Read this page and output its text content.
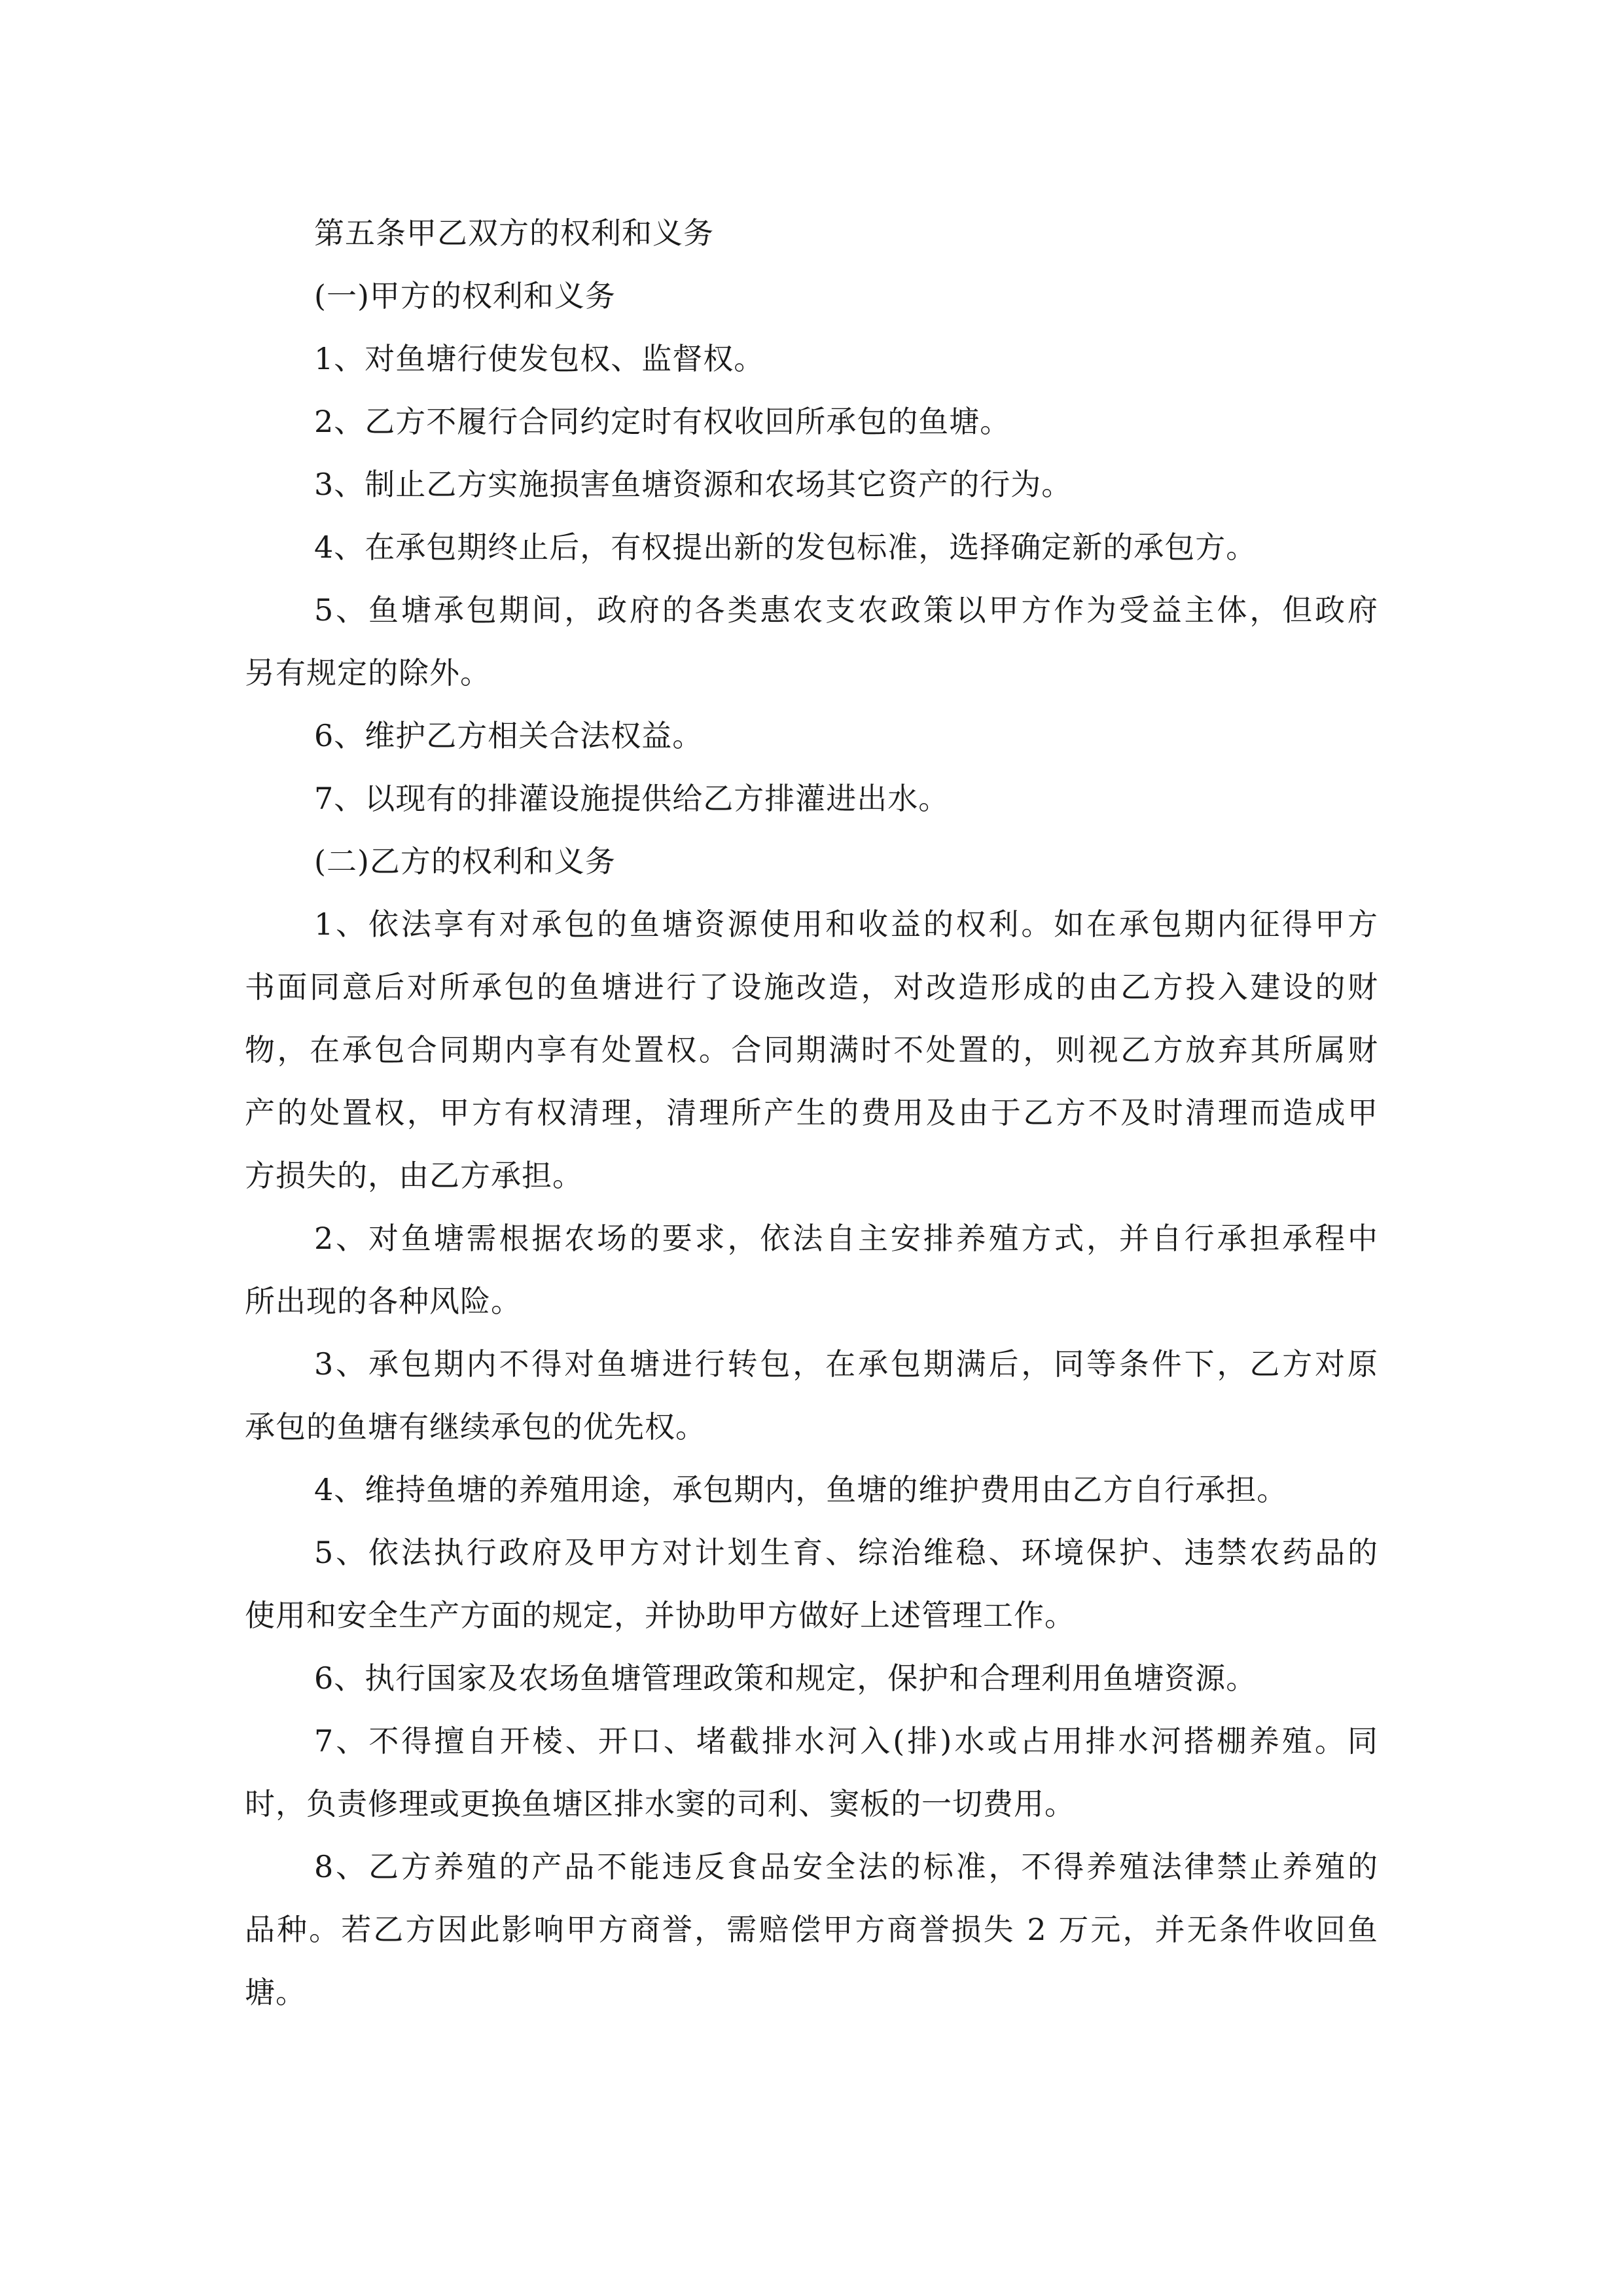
第五条甲乙双方的权利和义务
(一)甲方的权利和义务
1、对鱼塘行使发包权、监督权。
2、乙方不履行合同约定时有权收回所承包的鱼塘。
3、制止乙方实施损害鱼塘资源和农场其它资产的行为。
4、在承包期终止后，有权提出新的发包标准，选择确定新的承包方。
5、鱼塘承包期间，政府的各类惠农支农政策以甲方作为受益主体，但政府
另有规定的除外。
6、维护乙方相关合法权益。
7、以现有的排灌设施提供给乙方排灌进出水。
(二)乙方的权利和义务
1、依法享有对承包的鱼塘资源使用和收益的权利。如在承包期内征得甲方
书面同意后对所承包的鱼塘进行了设施改造，对改造形成的由乙方投入建设的财
物，在承包合同期内享有处置权。合同期满时不处置的，则视乙方放弃其所属财
产的处置权，甲方有权清理，清理所产生的费用及由于乙方不及时清理而造成甲
方损失的，由乙方承担。
2、对鱼塘需根据农场的要求，依法自主安排养殖方式，并自行承担承程中
所出现的各种风险。
3、承包期内不得对鱼塘进行转包，在承包期满后，同等条件下，乙方对原
承包的鱼塘有继续承包的优先权。
4、维持鱼塘的养殖用途，承包期内，鱼塘的维护费用由乙方自行承担。
5、依法执行政府及甲方对计划生育、综治维稳、环境保护、违禁农药品的
使用和安全生产方面的规定，并协助甲方做好上述管理工作。
6、执行国家及农场鱼塘管理政策和规定，保护和合理利用鱼塘资源。
7、不得擅自开棱、开口、堵截排水河入(排)水或占用排水河搭棚养殖。同
时，负责修理或更换鱼塘区排水窦的司利、窦板的一切费用。
8、乙方养殖的产品不能违反食品安全法的标准，不得养殖法律禁止养殖的
品种。若乙方因此影响甲方商誉，需赔偿甲方商誉损失 2 万元，并无条件收回鱼
塘。
